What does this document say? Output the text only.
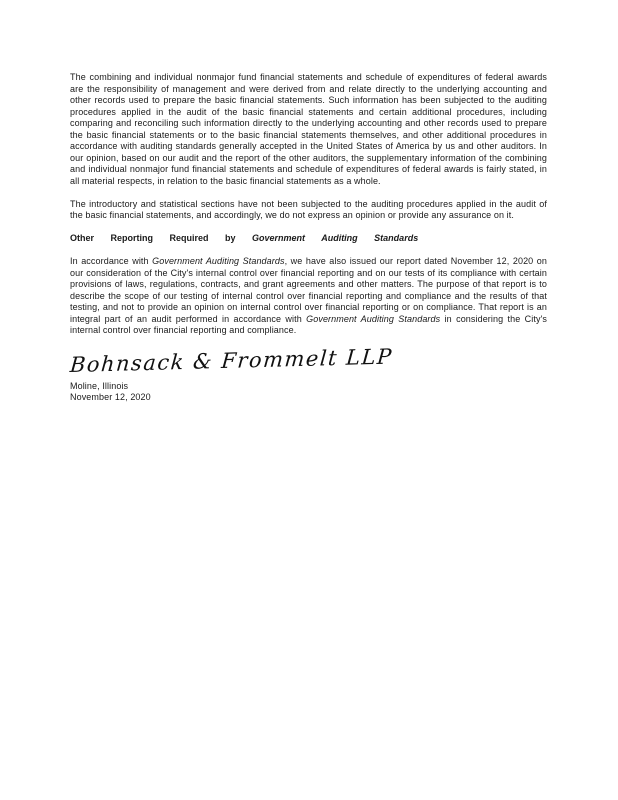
The combining and individual nonmajor fund financial statements and schedule of expenditures of federal awards are the responsibility of management and were derived from and relate directly to the underlying accounting and other records used to prepare the basic financial statements. Such information has been subjected to the auditing procedures applied in the audit of the basic financial statements and certain additional procedures, including comparing and reconciling such information directly to the underlying accounting and other records used to prepare the basic financial statements or to the basic financial statements themselves, and other additional procedures in accordance with auditing standards generally accepted in the United States of America by us and other auditors. In our opinion, based on our audit and the report of the other auditors, the supplementary information of the combining and individual nonmajor fund financial statements and schedule of expenditures of federal awards is fairly stated, in all material respects, in relation to the basic financial statements as a whole.

The introductory and statistical sections have not been subjected to the auditing procedures applied in the audit of the basic financial statements, and accordingly, we do not express an opinion or provide any assurance on it.

Other Reporting Required by Government Auditing Standards

In accordance with Government Auditing Standards, we have also issued our report dated November 12, 2020 on our consideration of the City's internal control over financial reporting and on our tests of its compliance with certain provisions of laws, regulations, contracts, and grant agreements and other matters. The purpose of that report is to describe the scope of our testing of internal control over financial reporting and compliance and the results of that testing, and not to provide an opinion on internal control over financial reporting or on compliance. That report is an integral part of an audit performed in accordance with Government Auditing Standards in considering the City's internal control over financial reporting and compliance.

Bohnsack & Frommelt LLP
Moline, Illinois
November 12, 2020
